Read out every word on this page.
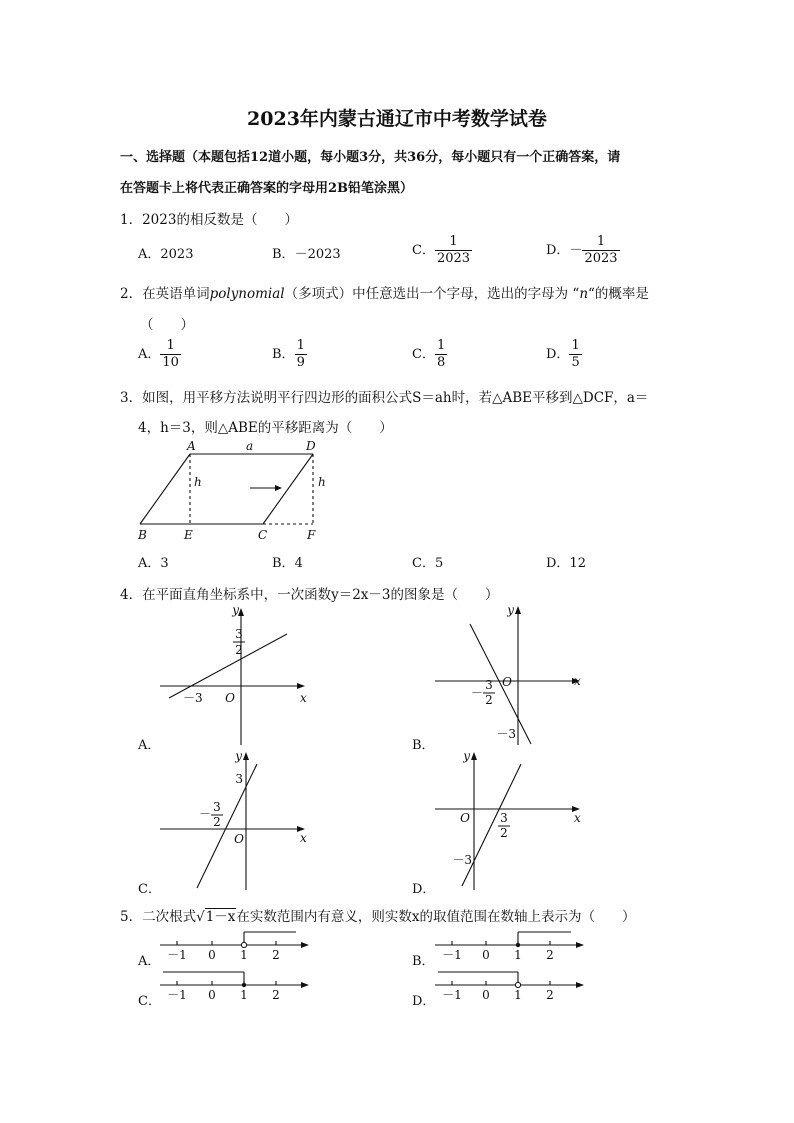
2023年内蒙古通辽市中考数学试卷
一、选择题（本题包括12道小题，每小题3分，共36分，每小题只有一个正确答案，请
在答题卡上将代表正确答案的字母用2B铅笔涂黑）
1．2023的相反数是（　　）
A．2023	B．－2023	C． $\frac{1}{2023}$	D．－ $\frac{1}{2023}$
2．在英语单词polynomial（多项式）中任意选出一个字母，选出的字母为 “n“的概率是
（　　）
A． $\frac{1}{10}$	B． $\frac{1}{9}$	C． $\frac{1}{8}$	D． $\frac{1}{5}$
3．如图，用平移方法说明平行四边形的面积公式S＝ah时，若△ABE平移到△DCF，a＝
4，h＝3，则△ABE的平移距离为（　　）
A	a	D
h	h
B	E	C	F
A．3	B．4	C．5	D．12
4．在平面直角坐标系中，一次函数y＝2x－3的图象是（　　）
y
x
O
－3
3
2
A．
y
x
O
－
3
2
－3
B．
y
x
O
3
－ 3
2
C．
y
x
O	3
2
－3
D．
5．二次根式√1－x在实数范围内有意义，则实数x的取值范围在数轴上表示为（　　）
A． －1 0 1 2	B． －1 0 1 2
C． －1 0 1 2	D． －1 0 1 2
